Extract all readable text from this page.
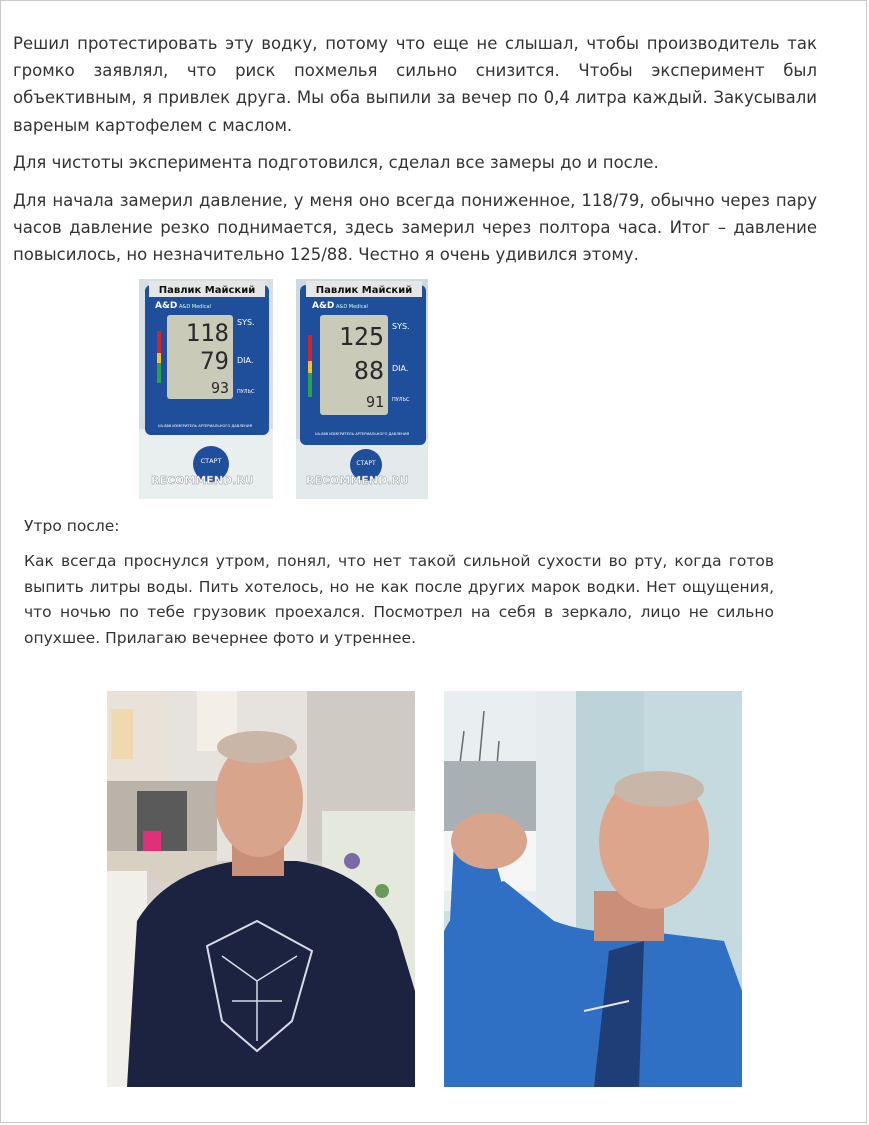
Решил протестировать эту водку, потому что еще не слышал, чтобы производитель так громко заявлял, что риск похмелья сильно снизится. Чтобы эксперимент был объективным, я привлек друга. Мы оба выпили за вечер по 0,4 литра каждый. Закусывали вареным картофелем с маслом.

Для чистоты эксперимента подготовился, сделал все замеры до и после.

Для начала замерил давление, у меня оно всегда пониженное, 118/79, обычно через пару часов давление резко поднимается, здесь замерил через полтора часа. Итог – давление повысилось, но незначительно 125/88. Честно я очень удивился этому.

Павлик Майский
A&D A&D Medical
118
79
93
SYS.
DIA.
ПУЛЬС
UA-888 ИЗМЕРИТЕЛЬ АРТЕРИАЛЬНОГО ДАВЛЕНИЯ
СТАРТ
RECOMMEND.RU
Павлик Майский
A&D A&D Medical
125
88
91
SYS.
DIA.
ПУЛЬС
UA-888 ИЗМЕРИТЕЛЬ АРТЕРИАЛЬНОГО ДАВЛЕНИЯ
СТАРТ
RECOMMEND.RU

Утро после:

Как всегда проснулся утром, понял, что нет такой сильной сухости во рту, когда готов выпить литры воды. Пить хотелось, но не как после других марок водки. Нет ощущения, что ночью по тебе грузовик проехался. Посмотрел на себя в зеркало, лицо не сильно опухшее. Прилагаю вечернее фото и утреннее.
